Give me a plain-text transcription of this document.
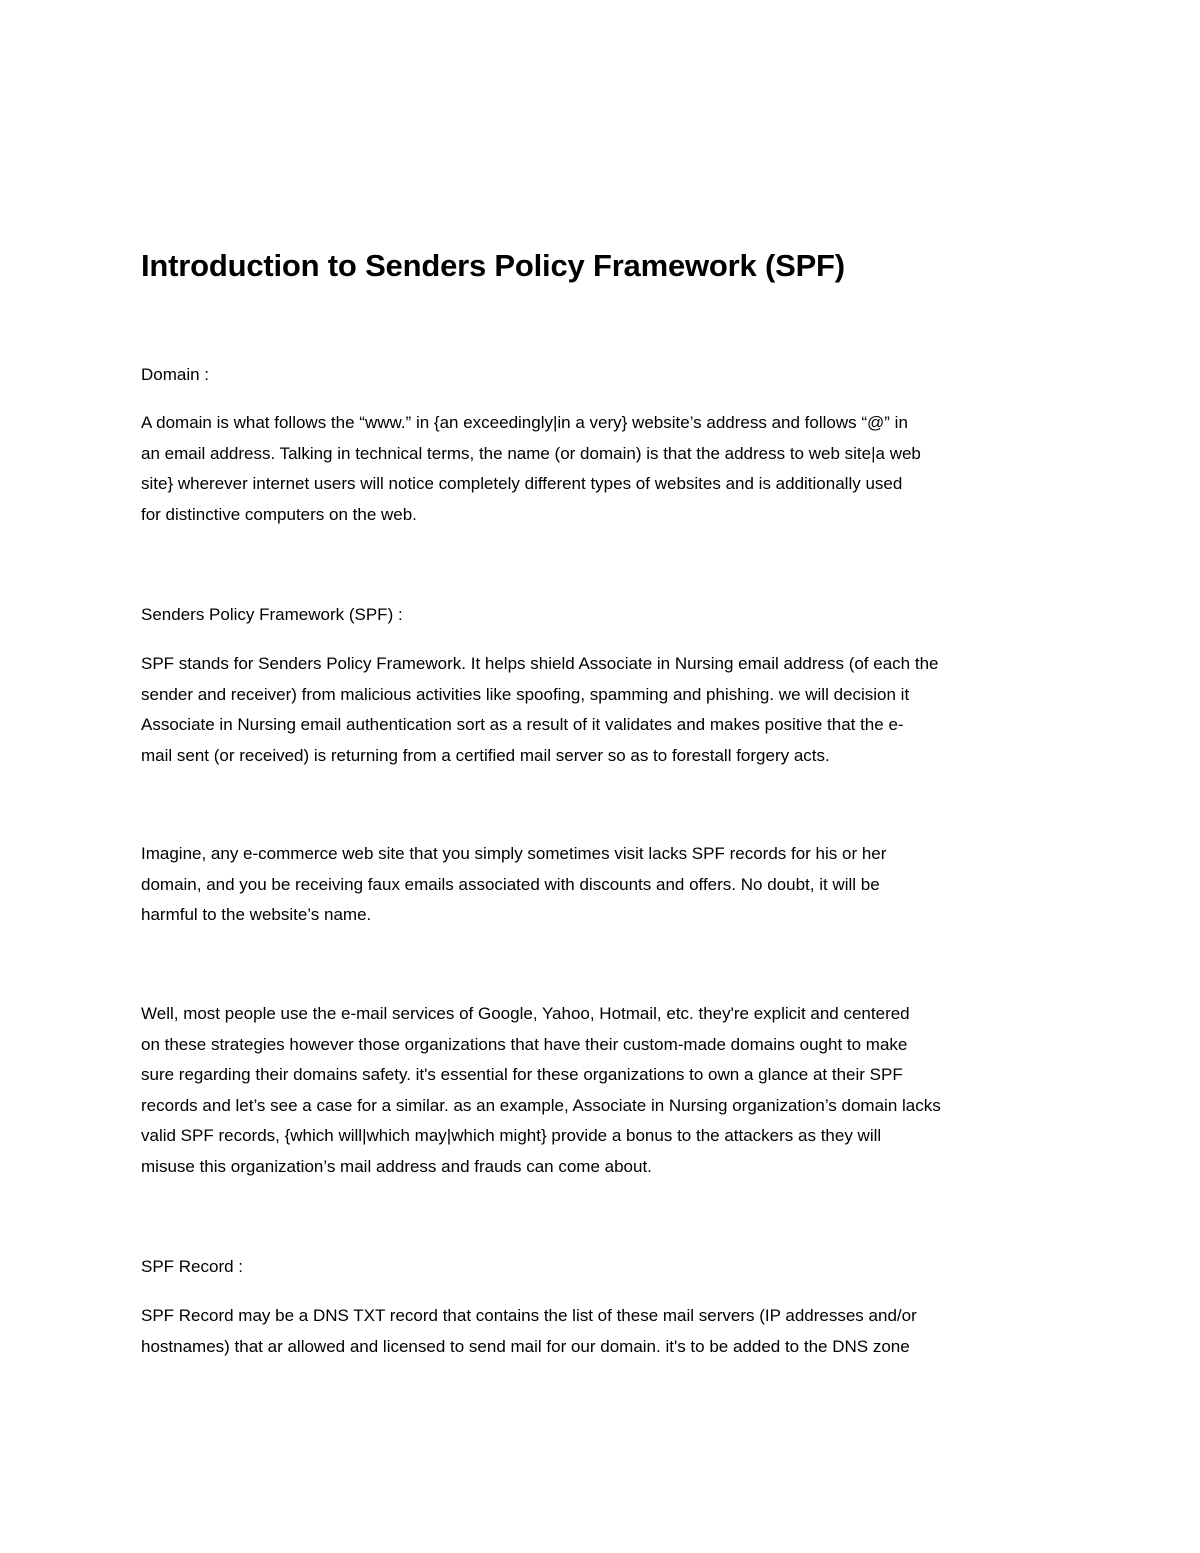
Introduction to Senders Policy Framework (SPF)

Domain :

A domain is what follows the “www.” in {an exceedingly|in a very} website’s address and follows “@” in
an email address. Talking in technical terms, the name (or domain) is that the address to web site|a web
site} wherever internet users will notice completely different types of websites and is additionally used
for distinctive computers on the web.

Senders Policy Framework (SPF) :

SPF stands for Senders Policy Framework. It helps shield Associate in Nursing email address (of each the
sender and receiver) from malicious activities like spoofing, spamming and phishing. we will decision it
Associate in Nursing email authentication sort as a result of it validates and makes positive that the e-
mail sent (or received) is returning from a certified mail server so as to forestall forgery acts.

Imagine, any e-commerce web site that you simply sometimes visit lacks SPF records for his or her
domain, and you be receiving faux emails associated with discounts and offers. No doubt, it will be
harmful to the website’s name.

Well, most people use the e-mail services of Google, Yahoo, Hotmail, etc. they're explicit and centered
on these strategies however those organizations that have their custom-made domains ought to make
sure regarding their domains safety. it's essential for these organizations to own a glance at their SPF
records and let’s see a case for a similar. as an example, Associate in Nursing organization’s domain lacks
valid SPF records, {which will|which may|which might} provide a bonus to the attackers as they will
misuse this organization’s mail address and frauds can come about.

SPF Record :

SPF Record may be a DNS TXT record that contains the list of these mail servers (IP addresses and/or
hostnames) that ar allowed and licensed to send mail for our domain. it's to be added to the DNS zone
